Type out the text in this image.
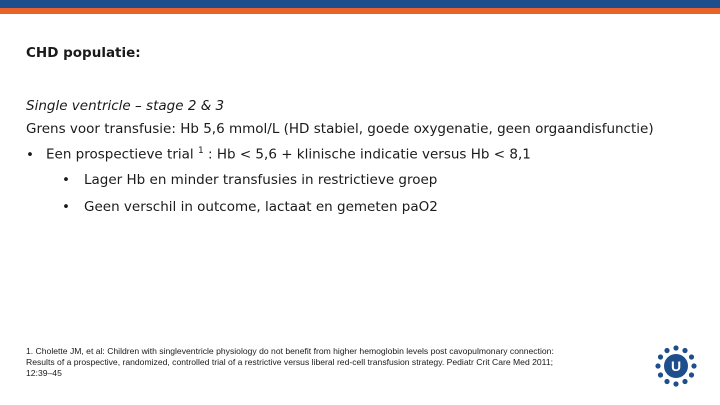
CHD populatie:
Single ventricle – stage 2 & 3
Grens voor transfusie: Hb 5,6 mmol/L (HD stabiel, goede oxygenatie, geen orgaandisfunctie)
• Een prospectieve trial $^1$ : Hb < 5,6 + klinische indicatie versus Hb < 8,1
• Lager Hb en minder transfusies in restrictieve groep
• Geen verschil in outcome, lactaat en gemeten paO2
1. Cholette JM, et al: Children with singleventricle physiology do not benefit from higher hemoglobin levels post cavopulmonary connection:
Results of a prospective, randomized, controlled trial of a restrictive versus liberal red-cell transfusion strategy. Pediatr Crit Care Med 2011;
12:39–45	U
